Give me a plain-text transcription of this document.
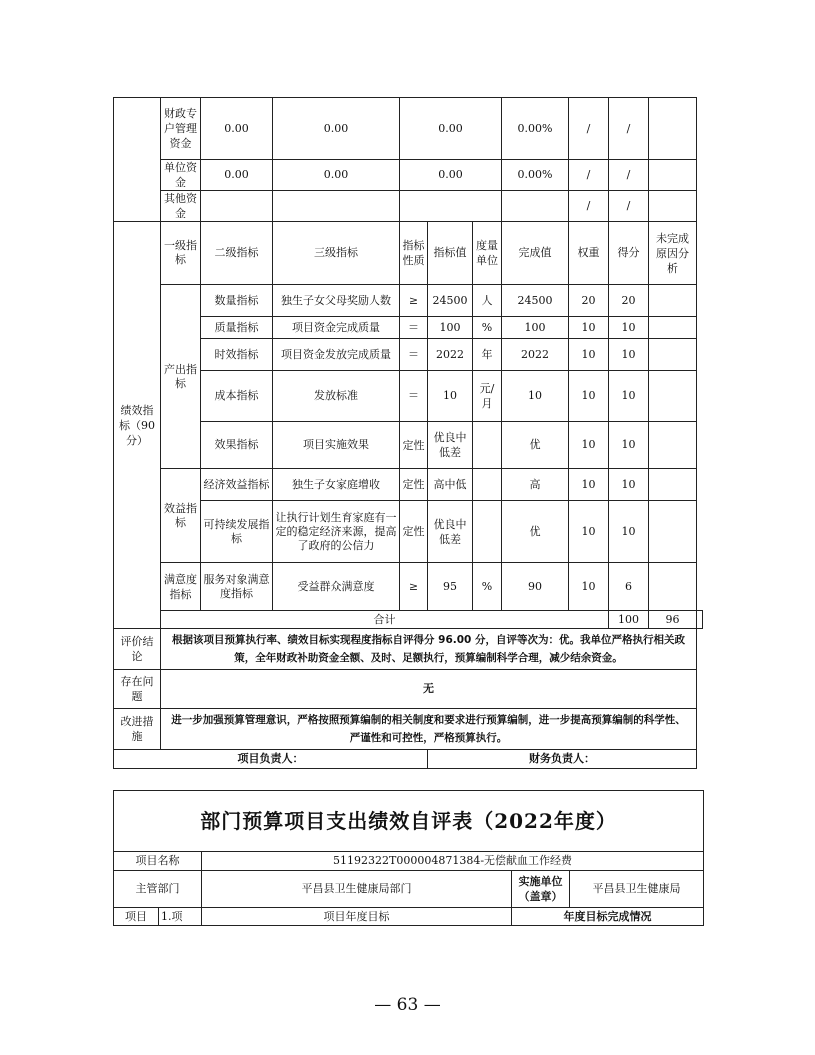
	财政专户管理资金	0.00	0.00	0.00			0.00%	/	/		
	单位资金	0.00	0.00	0.00			0.00%	/	/		
	其他资金							/	/		
绩效指标（90分）	一级指标	二级指标	三级指标	指标性质	指标值	度量单位	完成值	权重	得分	未完成原因分析	
	产出指标	数量指标	独生子女父母奖励人数	≥	24500	人	24500	20	20		
		质量指标	项目资金完成质量	＝	100	%	100	10	10		
		时效指标	项目资金发放完成质量	＝	2022	年	2022	10	10		
		成本指标	发放标准	＝	10	元/月	10	10	10		
		效果指标	项目实施效果	定性	优良中低差		优	10	10		
	效益指标	经济效益指标	独生子女家庭增收	定性	高中低		高	10	10		
		可持续发展指标	让执行计划生育家庭有一定的稳定经济来源，提高了政府的公信力	定性	优良中低差		优	10	10		
	满意度指标	服务对象满意度指标	受益群众满意度	≥	95	%	90	10	6		
	合计								100	96	
评价结论	根据该项目预算执行率、绩效目标实现程度指标自评得分 96.00 分，自评等次为：优。我单位严格执行相关政策，全年财政补助资金全额、及时、足额执行，预算编制科学合理，减少结余资金。										
存在问题	无										
改进措施	进一步加强预算管理意识，严格按照预算编制的相关制度和要求进行预算编制，进一步提高预算编制的科学性、严谨性和可控性，严格预算执行。										
项目负责人：					财务负责人：						
部门预算项目支出绩效自评表（2022年度）				
项目名称		51192322T000004871384-无偿献血工作经费		
主管部门		平昌县卫生健康局部门	实施单位（盖章）	平昌县卫生健康局
项目	1.项	项目年度目标	年度目标完成情况	
— 63 —
